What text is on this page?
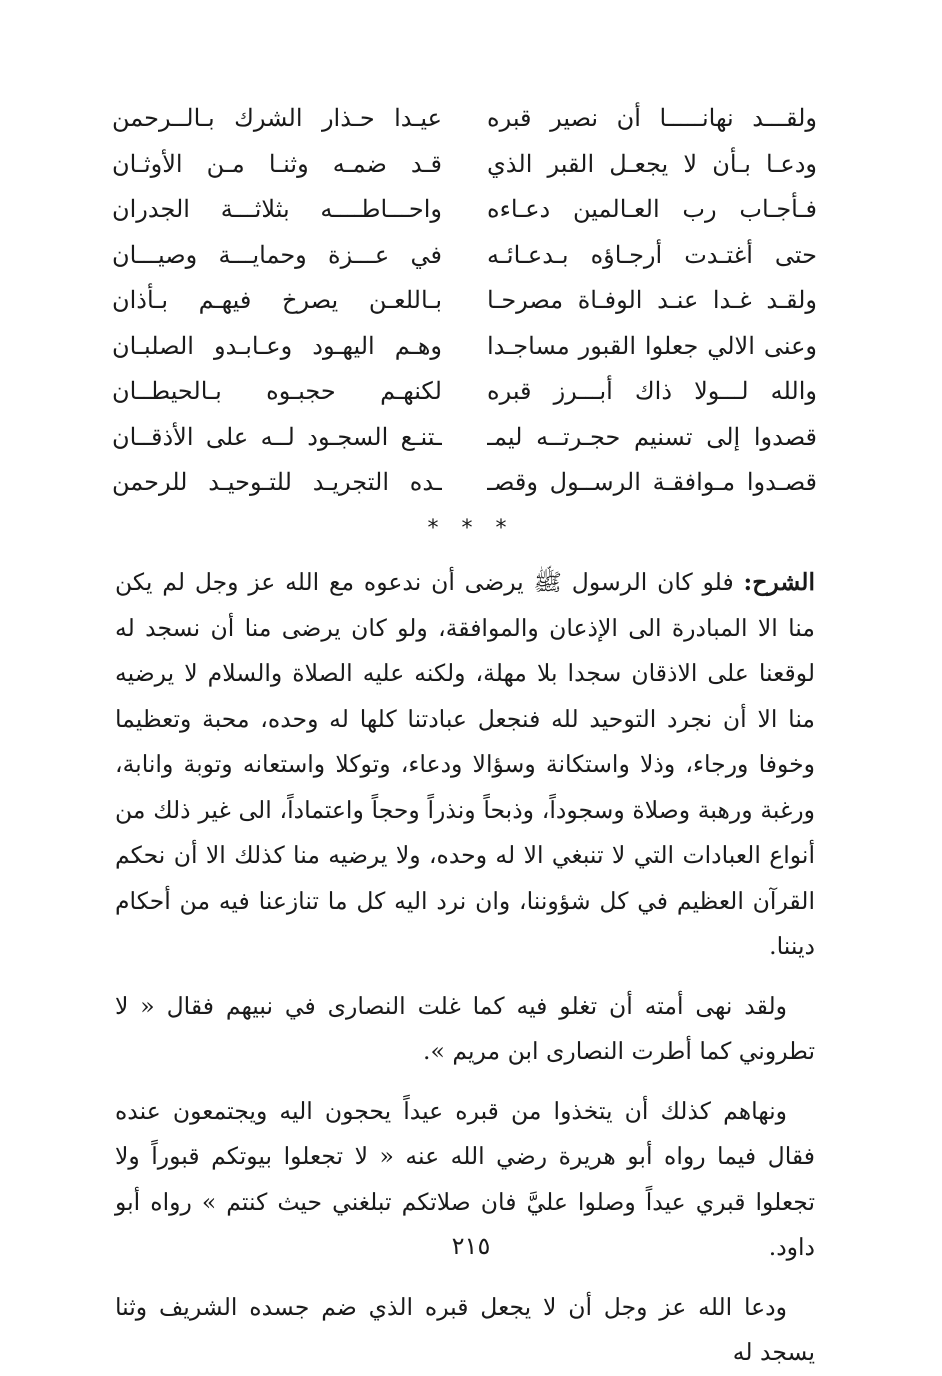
ولقـــد نهانـــــا أن نصير قبره
ودعـا بـأن لا يجعـل القبر الذي
فـأجـاب رب العـالمين دعـاءه
حتى أغتـدت أرجـاؤه بـدعـائـه
ولقـد غـدا عنـد الوفـاة مصرحـا
وعنى الالي جعلوا القبور مساجـدا
والله لـــولا ذاك أبـــرز قبره
قصدوا إلى تسنيم حجـرتــه ليمـ
قصـدوا مـوافقـة الرســول وقصـ
عيـدا حـذار الشرك بـالــرحمن
قـد ضمـه وثنـا مـن الأوثـان
واحـــاطــــه بثلاثـــة الجدران
في عـــزة وحمايـــة وصيـــان
بـاللعـن يصرخ فيهـم بـأذان
وهـم اليهـود وعـابـدو الصلبـان
لكنهـم حجبـوه بـالحيطــان
ـتنـع السجـود لــه على الأذقــان
ـده التجريـد للتـوحيـد للرحمن
* * *

الشرح: فلو كان الرسول ﷺ يرضى أن ندعوه مع الله عز وجل لم يكن منا الا المبادرة الى الإذعان والموافقة، ولو كان يرضى منا أن نسجد له لوقعنا على الاذقان سجدا بلا مهلة، ولكنه عليه الصلاة والسلام لا يرضيه منا الا أن نجرد التوحيد لله فنجعل عبادتنا كلها له وحده، محبة وتعظيما وخوفا ورجاء، وذلا واستكانة وسؤالا ودعاء، وتوكلا واستعانه وتوبة وانابة، ورغبة ورهبة وصلاة وسجوداً، وذبحاً ونذراً وحجاً واعتماداً، الى غير ذلك من أنواع العبادات التي لا تنبغي الا له وحده، ولا يرضيه منا كذلك الا أن نحكم القرآن العظيم في كل شؤوننا، وان نرد اليه كل ما تنازعنا فيه من أحكام ديننا.

ولقد نهى أمته أن تغلو فيه كما غلت النصارى في نبيهم فقال « لا تطروني كما أطرت النصارى ابن مريم ».

ونهاهم كذلك أن يتخذوا من قبره عيداً يحجون اليه ويجتمعون عنده فقال فيما رواه أبو هريرة رضي الله عنه « لا تجعلوا بيوتكم قبوراً ولا تجعلوا قبري عيداً وصلوا عليَّ فان صلاتكم تبلغني حيث كنتم » رواه أبو داود.

ودعا الله عز وجل أن لا يجعل قبره الذي ضم جسده الشريف وثنا يسجد له

٢١٥
